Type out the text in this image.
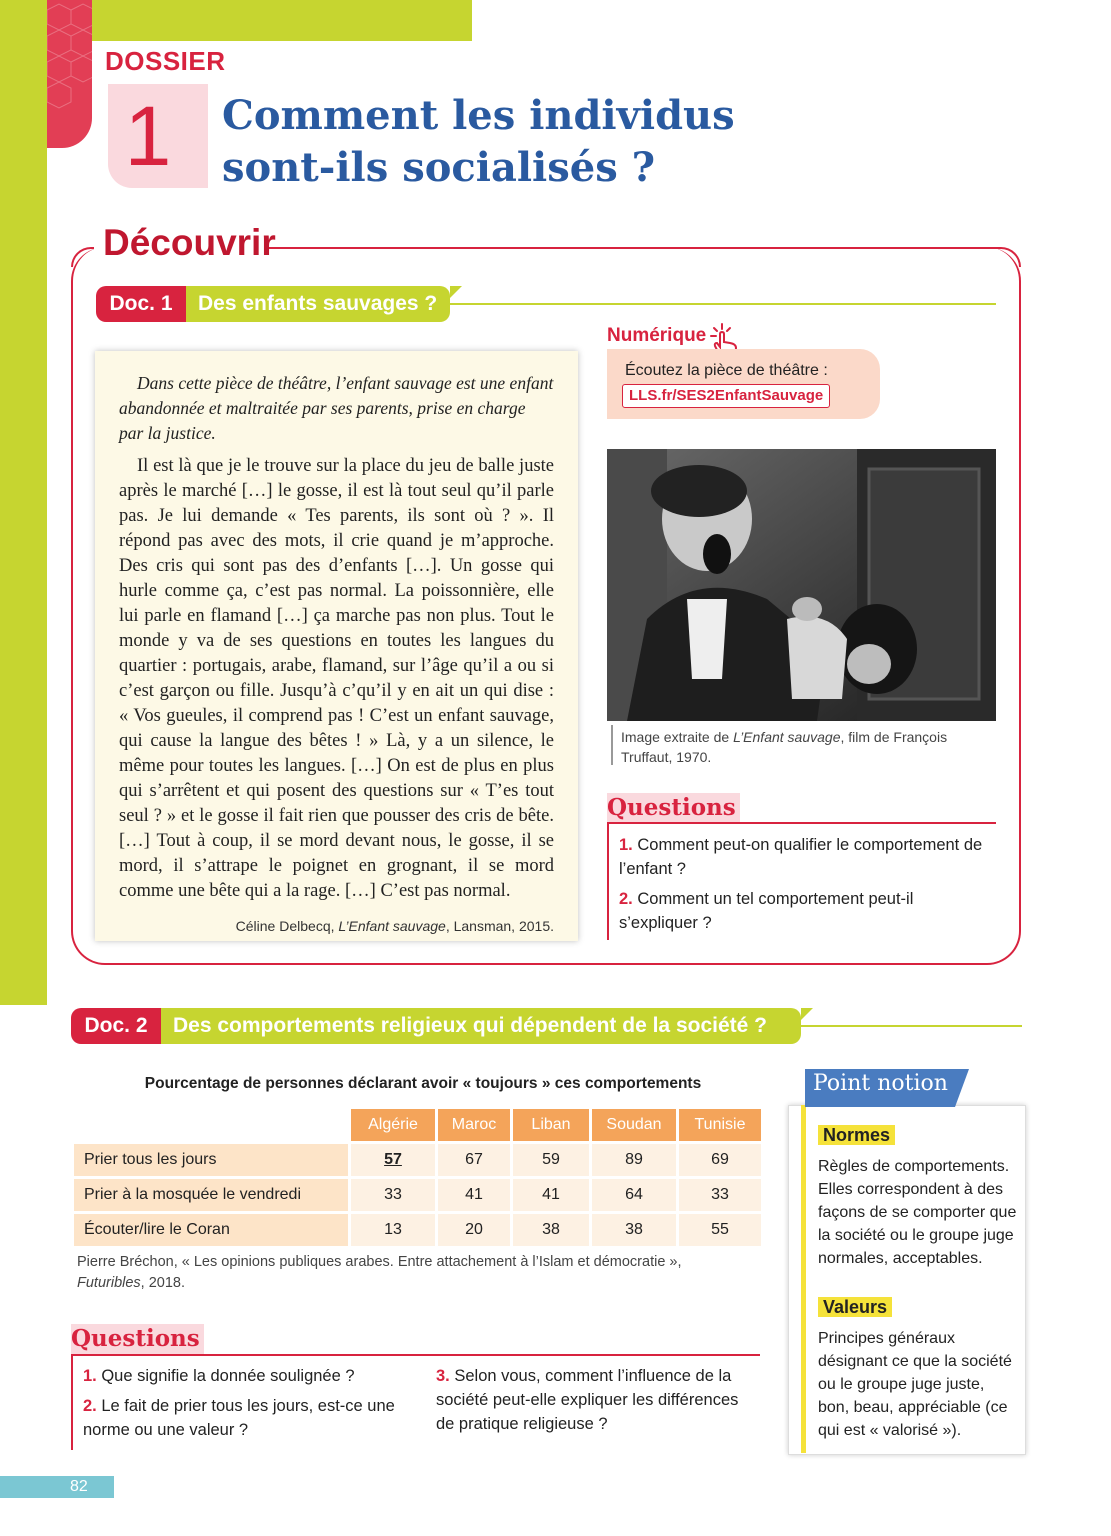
DOSSIER
1	Comment les individus
sont-ils socialisés ?
Découvrir
Doc. 1	Des enfants sauvages ?

Dans cette pièce de théâtre, l’enfant sauvage est une enfant abandonnée et maltraitée par ses parents, prise en charge par la justice.

Il est là que je le trouve sur la place du jeu de balle juste après le marché […] le gosse, il est là tout seul qu’il parle pas. Je lui demande « Tes parents, ils sont où ? ». Il répond pas avec des mots, il crie quand je m’approche. Des cris qui sont pas des d’enfants […]. Un gosse qui hurle comme ça, c’est pas normal. La poissonnière, elle lui parle en flamand […] ça marche pas non plus. Tout le monde y va de ses questions en toutes les langues du quartier : portugais, arabe, flamand, sur l’âge qu’il a ou si c’est garçon ou fille. Jusqu’à c’qu’il y en ait un qui dise : « Vos gueules, il comprend pas ! C’est un enfant sauvage, qui cause la langue des bêtes ! » Là, y a un silence, le même pour toutes les langues. […] On est de plus en plus qui s’arrêtent et qui posent des questions sur « T’es tout seul ? » et le gosse il fait rien que pousser des cris de bête. […] Tout à coup, il se mord devant nous, le gosse, il se mord, il s’attrape le poignet en grognant, il se mord comme une bête qui a la rage. […] C’est pas normal.

Céline Delbecq, L’Enfant sauvage, Lansman, 2015.
Numérique
Écoutez la pièce de théâtre :
LLS.fr/SES2EnfantSauvage
Image extraite de L’Enfant sauvage, film de François Truffaut, 1970.
Questions
1. Comment peut-on qualifier le comportement de l’enfant ?
2. Comment un tel comportement peut-il s’expliquer ?
Doc. 2	Des comportements religieux qui dépendent de la société ?
Pourcentage de personnes déclarant avoir « toujours » ces comportements
	Algérie	Maroc	Liban	Soudan	Tunisie
Prier tous les jours	57	67	59	89	69
Prier à la mosquée le vendredi	33	41	41	64	33
Écouter/lire le Coran	13	20	38	38	55
Pierre Bréchon, « Les opinions publiques arabes. Entre attachement à l’Islam et démocratie »,
Futuribles, 2018.
Questions
1. Que signifie la donnée soulignée ?
2. Le fait de prier tous les jours, est-ce une norme ou une valeur ?
3. Selon vous, comment l’influence de la société peut-elle expliquer les différences de pratique religieuse ?
Point notion
Normes
Règles de comportements. Elles correspondent à des façons de se comporter que la société ou le groupe juge normales, acceptables.
Valeurs
Principes généraux désignant ce que la société ou le groupe juge juste, bon, beau, appréciable (ce qui est « valorisé »).
82
